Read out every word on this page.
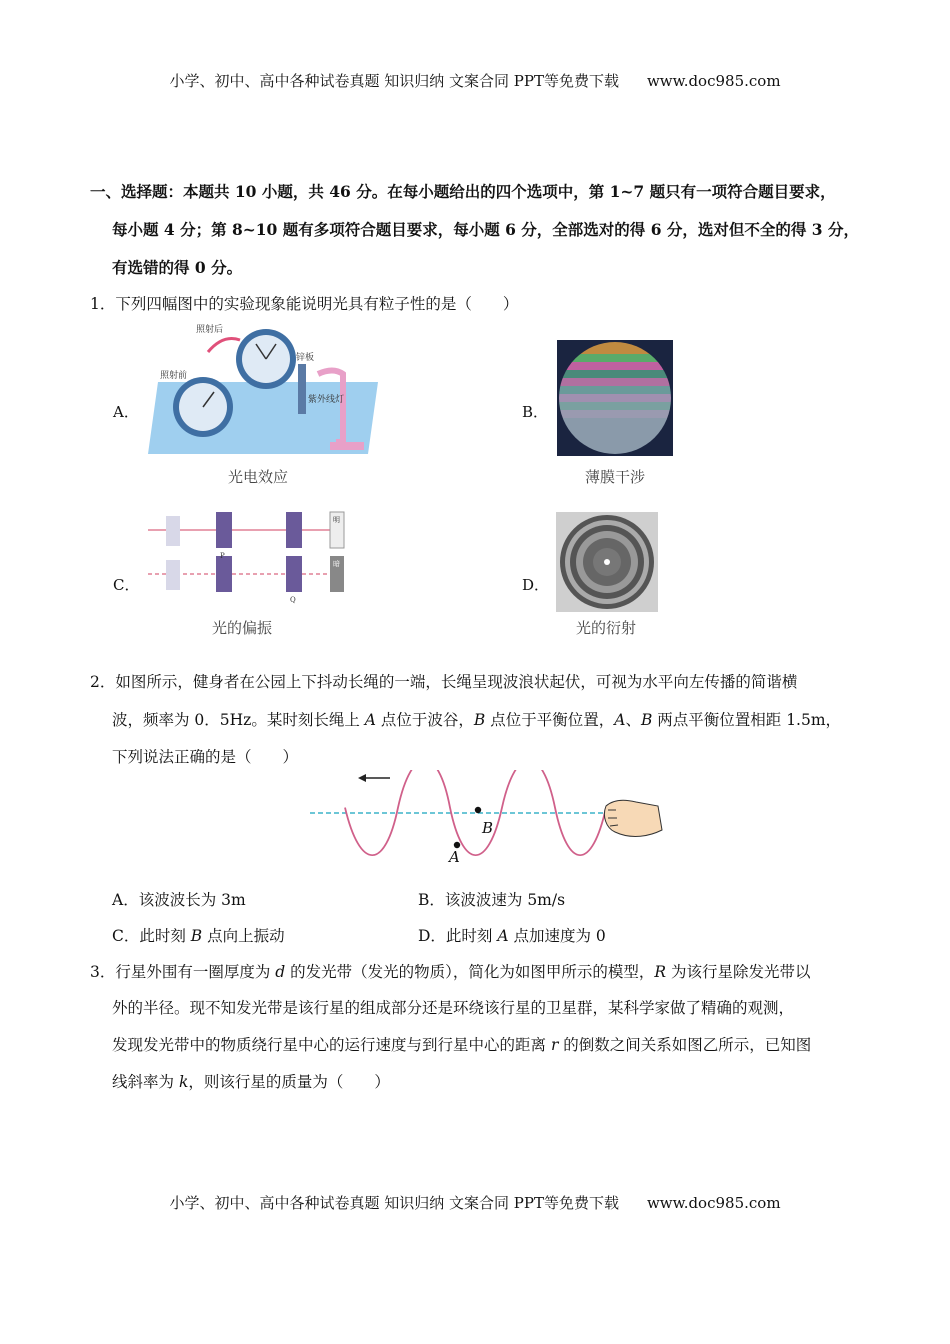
小学、初中、高中各种试卷真题 知识归纳 文案合同 PPT等免费下载 www.doc985.com
一、选择题：本题共 10 小题，共 46 分。在每小题给出的四个选项中，第 1~7 题只有一项符合题目要求，
每小题 4 分；第 8~10 题有多项符合题目要求，每小题 6 分，全部选对的得 6 分，选对但不全的得 3 分，
有选错的得 0 分。
1．下列四幅图中的实验现象能说明光具有粒子性的是（　　）
A．
照射后
照射前
锌板
紫外线灯
光电效应
B．
薄膜干涉
C．
P
Q
明
暗
光的偏振
D．
光的衍射
2．如图所示，健身者在公园上下抖动长绳的一端，长绳呈现波浪状起伏，可视为水平向左传播的简谐横
波，频率为 0．5Hz。某时刻长绳上 A 点位于波谷，B 点位于平衡位置，A、B 两点平衡位置相距 1.5m，
下列说法正确的是（　　）
A
B
A．该波波长为 3m	B．该波波速为 5m/s
C．此时刻 B 点向上振动	D．此时刻 A 点加速度为 0
3．行星外围有一圈厚度为 d 的发光带（发光的物质），简化为如图甲所示的模型，R 为该行星除发光带以
外的半径。现不知发光带是该行星的组成部分还是环绕该行星的卫星群，某科学家做了精确的观测，
发现发光带中的物质绕行星中心的运行速度与到行星中心的距离 r 的倒数之间关系如图乙所示，已知图
线斜率为 k，则该行星的质量为（　　）
小学、初中、高中各种试卷真题 知识归纳 文案合同 PPT等免费下载 www.doc985.com
